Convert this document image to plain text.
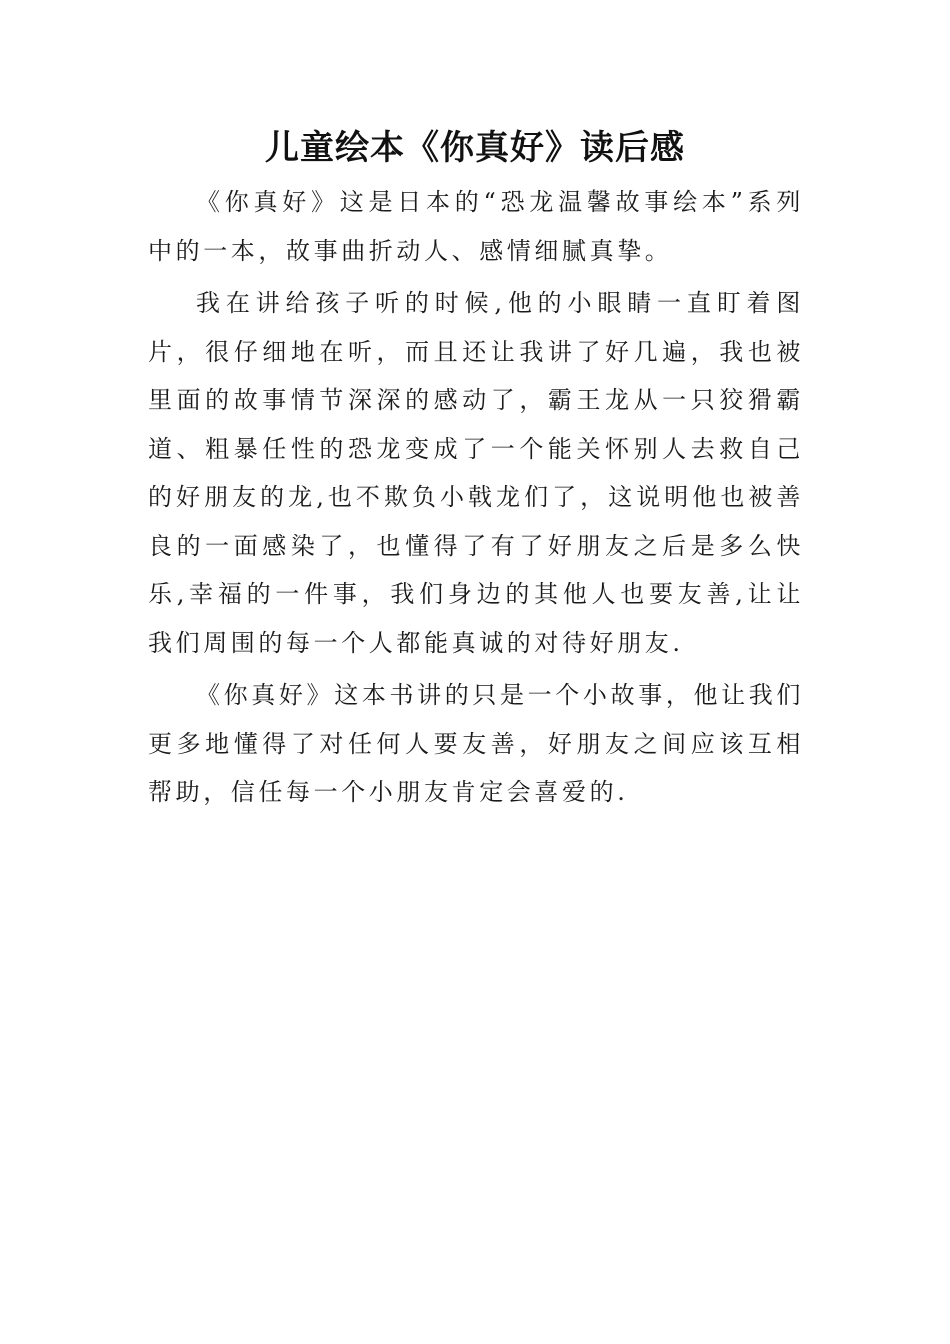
儿童绘本《你真好》读后感

《你真好》这是日本的“恐龙温馨故事绘本”系列中的一本，故事曲折动人、感情细腻真挚。

我在讲给孩子听的时候,他的小眼睛一直盯着图片，很仔细地在听，而且还让我讲了好几遍，我也被里面的故事情节深深的感动了，霸王龙从一只狡猾霸道、粗暴任性的恐龙变成了一个能关怀别人去救自己的好朋友的龙,也不欺负小戟龙们了，这说明他也被善良的一面感染了，也懂得了有了好朋友之后是多么快乐,幸福的一件事，我们身边的其他人也要友善,让让我们周围的每一个人都能真诚的对待好朋友.

《你真好》这本书讲的只是一个小故事，他让我们更多地懂得了对任何人要友善，好朋友之间应该互相帮助，信任每一个小朋友肯定会喜爱的.
